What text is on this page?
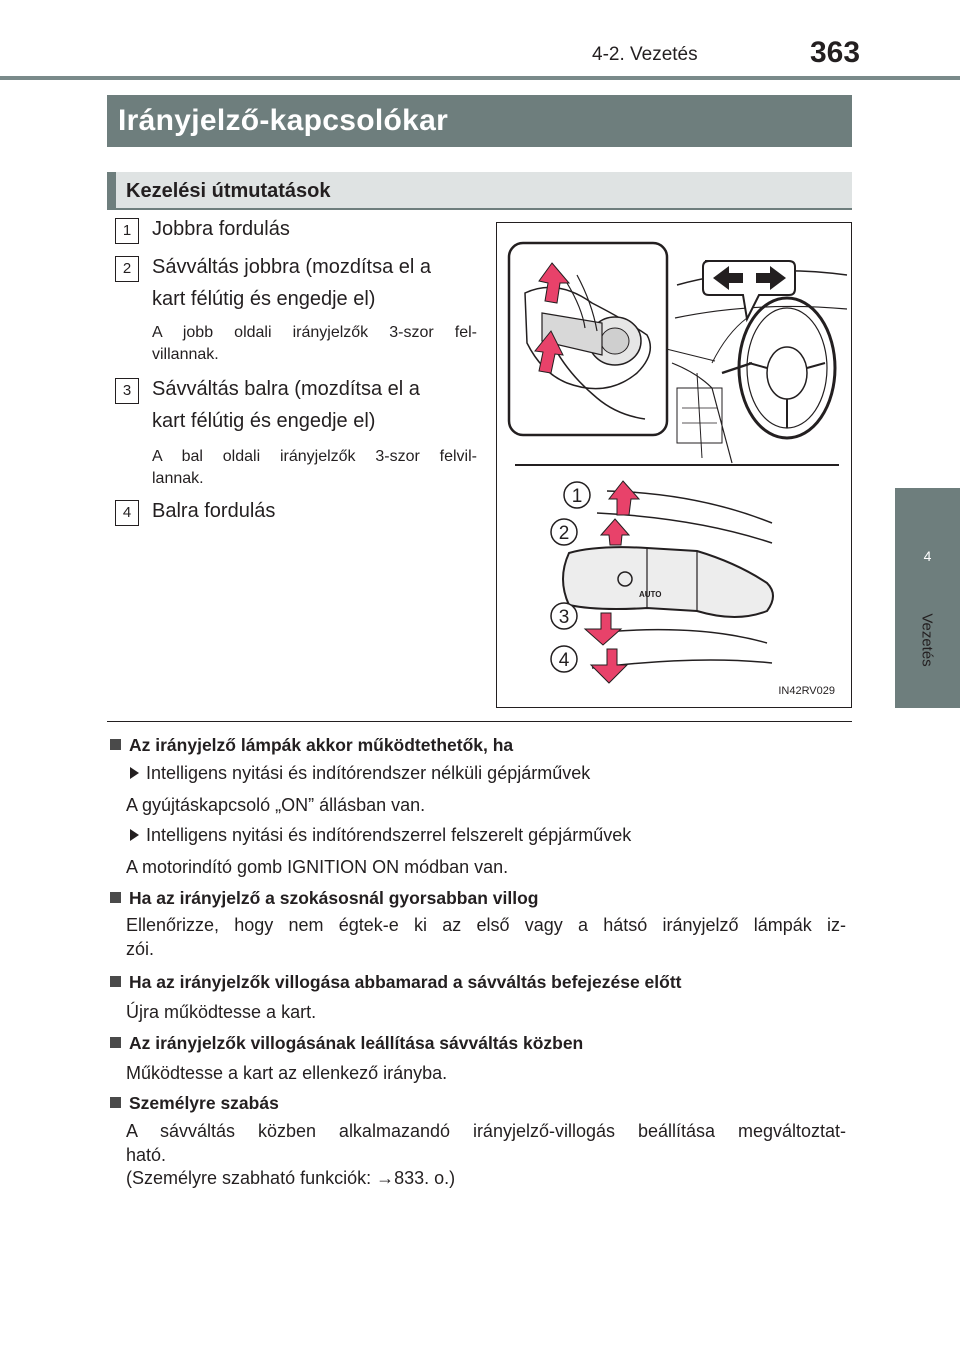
4-2. Vezetés	363
4
Vezetés
Irányjelző-kapcsolókar
Kezelési útmutatások
1	Jobbra fordulás
2	Sávváltás jobbra (mozdítsa el a
kart félútig és engedje el)
A jobb oldali irányjelzők 3-szor fel-
villannak.
3	Sávváltás balra (mozdítsa el a
kart félútig és engedje el)
A bal oldali irányjelzők 3-szor felvil-
lannak.
4	Balra fordulás
AUTO
1
2
3
4
IN42RV029
Az irányjelző lámpák akkor működtethetők, ha
Intelligens nyitási és indítórendszer nélküli gépjárművek
A gyújtáskapcsoló „ON” állásban van.
Intelligens nyitási és indítórendszerrel felszerelt gépjárművek
A motorindító gomb IGNITION ON módban van.
Ha az irányjelző a szokásosnál gyorsabban villog
Ellenőrizze, hogy nem égtek-e ki az első vagy a hátsó irányjelző lámpák iz-
zói.
Ha az irányjelzők villogása abbamarad a sávváltás befejezése előtt
Újra működtesse a kart.
Az irányjelzők villogásának leállítása sávváltás közben
Működtesse a kart az ellenkező irányba.
Személyre szabás
A sávváltás közben alkalmazandó irányjelző-villogás beállítása megváltoztat-
ható.
(Személyre szabható funkciók: →833. o.)
